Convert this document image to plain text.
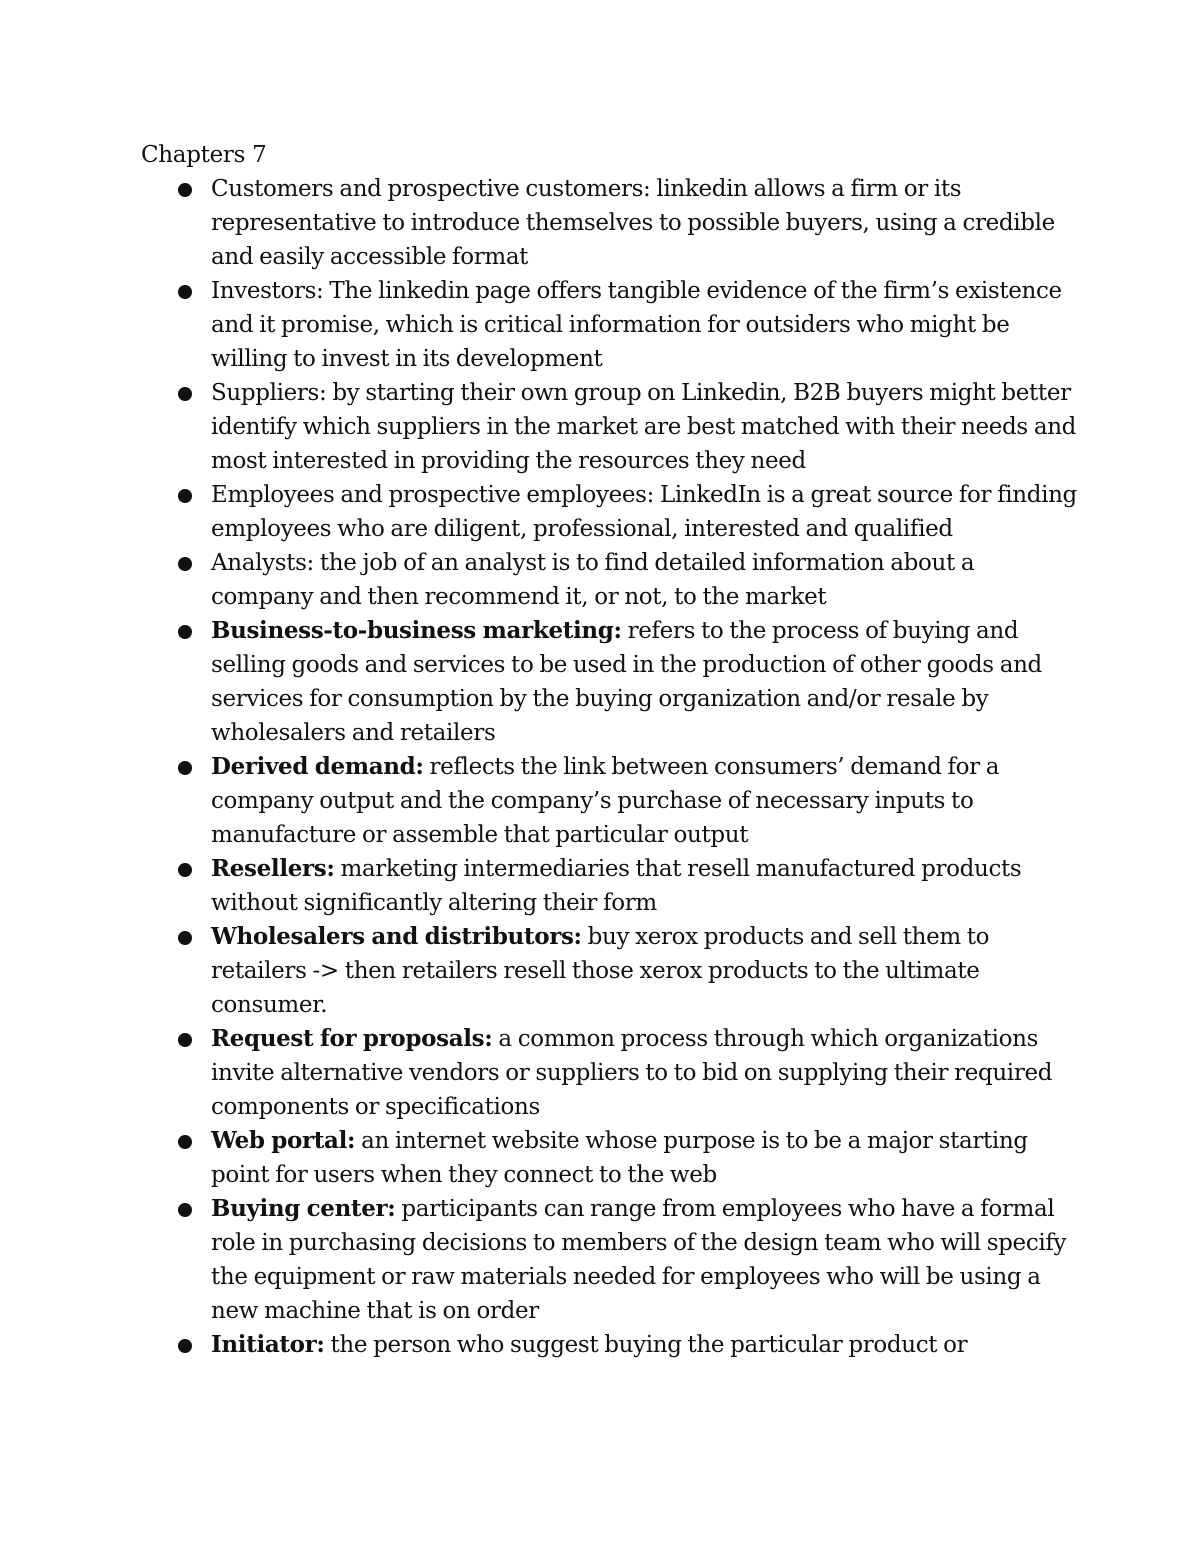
Chapters 7
Customers and prospective customers: linkedin allows a firm or its representative to introduce themselves to possible buyers, using a credible and easily accessible format
Investors: The linkedin page offers tangible evidence of the firm’s existence and it promise, which is critical information for outsiders who might be willing to invest in its development
Suppliers: by starting their own group on Linkedin, B2B buyers might better identify which suppliers in the market are best matched with their needs and most interested in providing the resources they need
Employees and prospective employees: LinkedIn is a great source for finding employees who are diligent, professional, interested and qualified
Analysts: the job of an analyst is to find detailed information about a company and then recommend it, or not, to the market
Business-to-business marketing: refers to the process of buying and selling goods and services to be used in the production of other goods and services for consumption by the buying organization and/or resale by wholesalers and retailers
Derived demand: reflects the link between consumers’ demand for a company output and the company’s purchase of necessary inputs to manufacture or assemble that particular output
Resellers: marketing intermediaries that resell manufactured products without significantly altering their form
Wholesalers and distributors: buy xerox products and sell them to retailers -> then retailers resell those xerox products to the ultimate consumer.
Request for proposals: a common process through which organizations invite alternative vendors or suppliers to to bid on supplying their required components or specifications
Web portal: an internet website whose purpose is to be a major starting point for users when they connect to the web
Buying center: participants can range from employees who have a formal role in purchasing decisions to members of the design team who will specify the equipment or raw materials needed for employees who will be using a new machine that is on order
Initiator: the person who suggest buying the particular product or
